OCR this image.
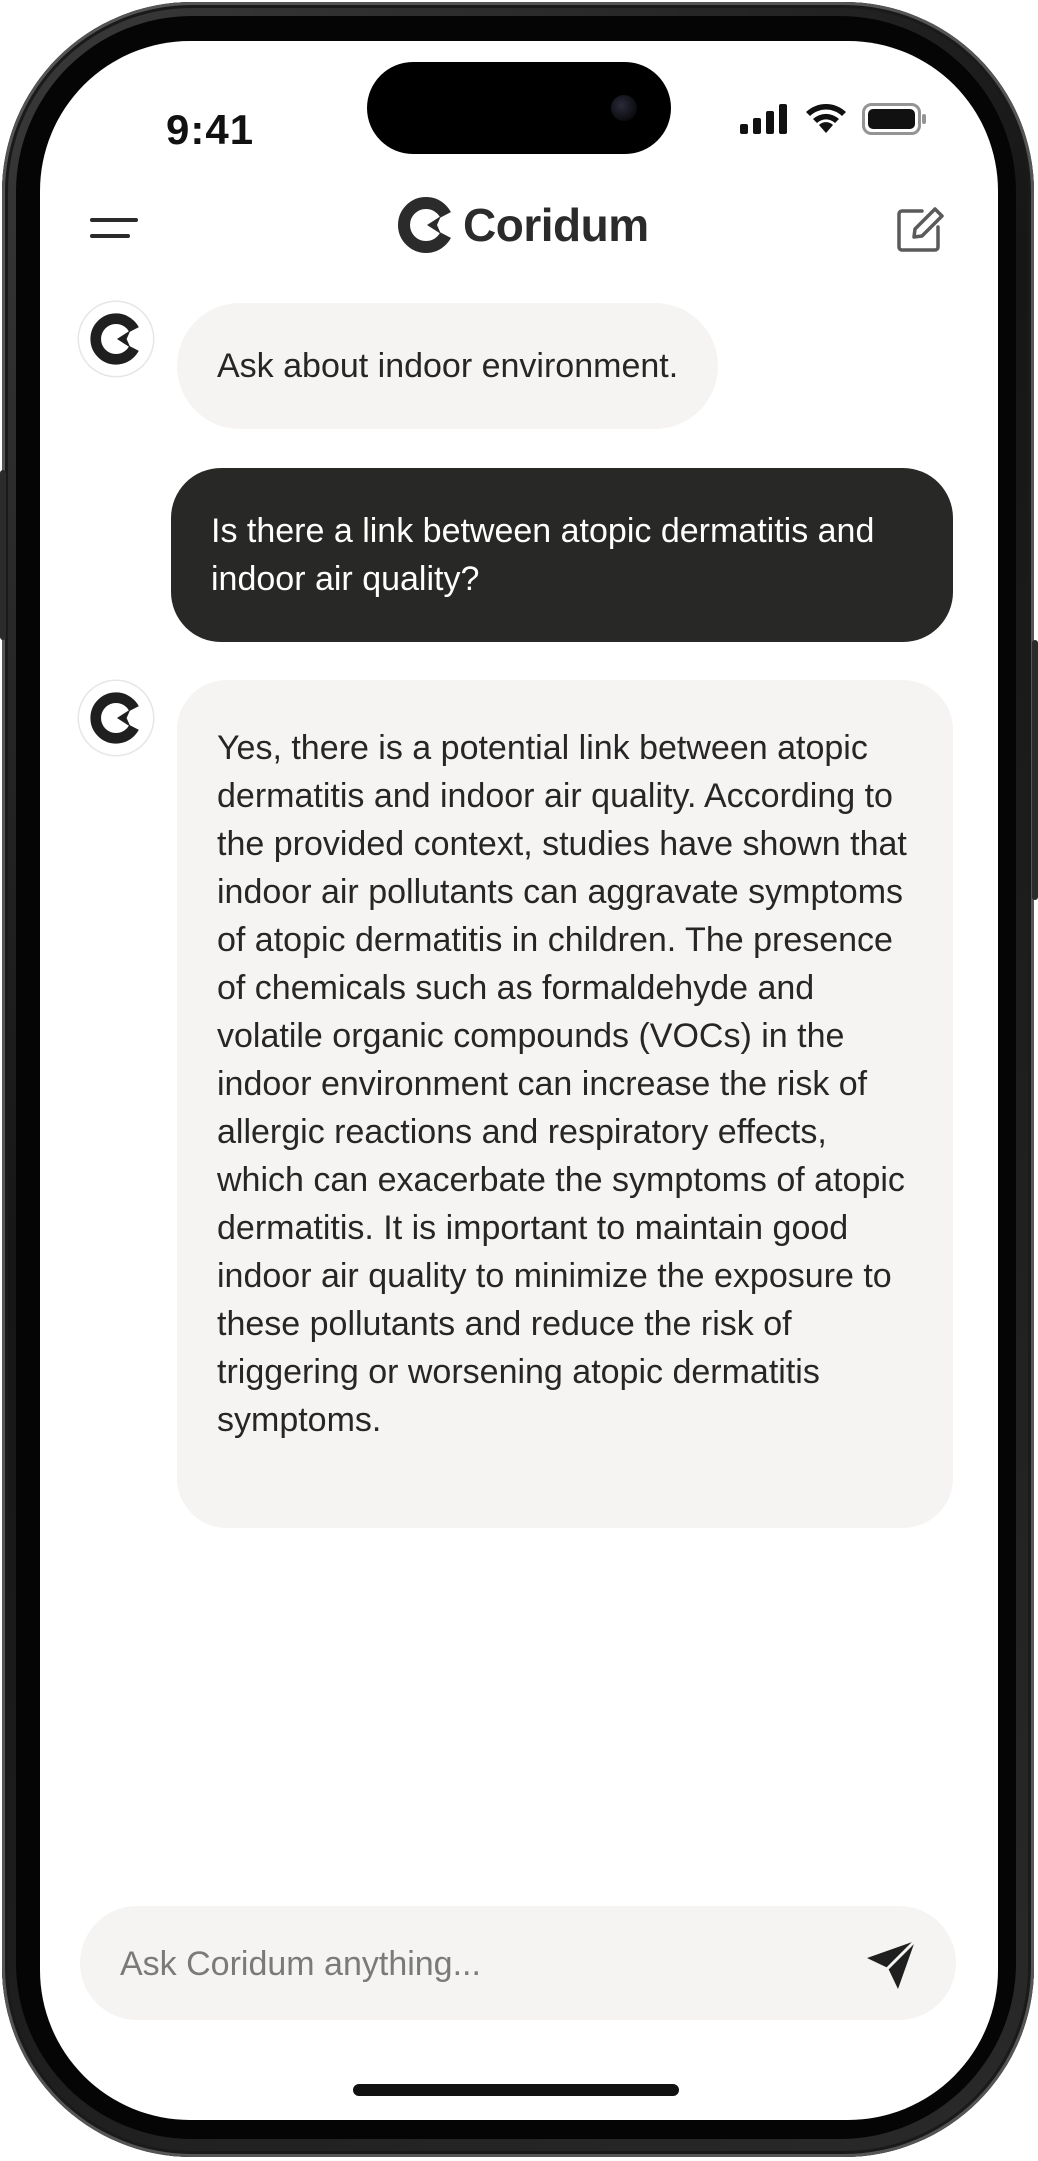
9:41
Coridum
Ask about indoor environment.
Is there a link between atopic dermatitis and indoor air quality?

Yes, there is a potential link between atopic dermatitis and indoor air quality. According to the provided context, studies have shown that indoor air pollutants can aggravate symptoms of atopic dermatitis in children. The presence of chemicals such as formaldehyde and volatile organic compounds (VOCs) in the indoor environment can increase the risk of allergic reactions and respiratory effects, which can exacerbate the symptoms of atopic dermatitis. It is important to maintain good indoor air quality to minimize the exposure to these pollutants and reduce the risk of triggering or worsening atopic dermatitis symptoms.

Ask Coridum anything...
